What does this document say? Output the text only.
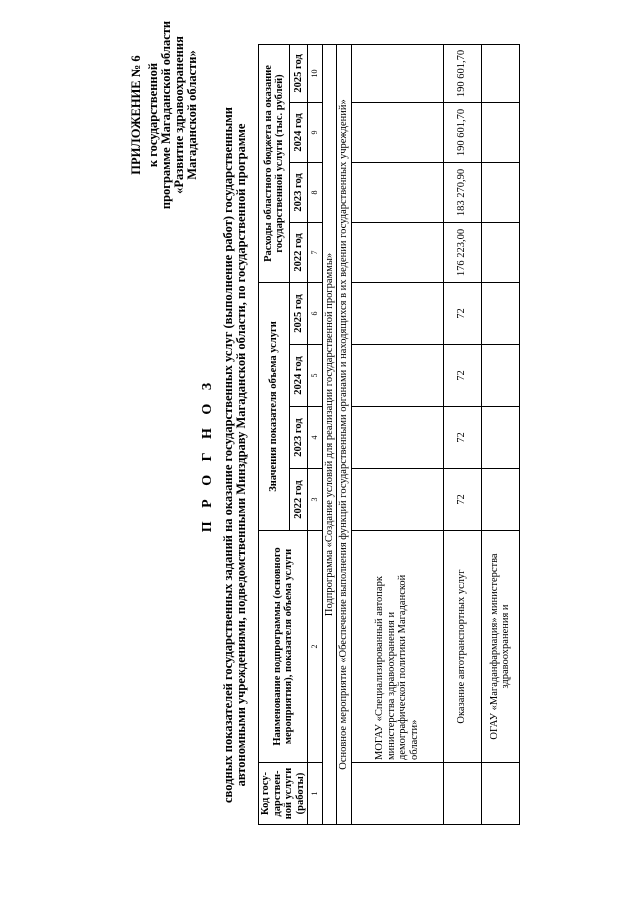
ПРИЛОЖЕНИЕ № 6 к государственной программе Магаданской области «Развитие здравоохранения Магаданской области»
П Р О Г Н О З сводных показателей государственных заданий на оказание государственных услуг (выполнение работ) государственными автономными учреждениями, подведомственными Минздраву Магаданской области, по государственной программе
Код госу- дарствен- ной услуги (работы)	Наименование подпрограммы (основного мероприятия), показателя объема услуги	Значения показателя объема услуги				Расходы областного бюджета на оказание государственной услуги (тыс. рублей)			
		2022 год	2023 год	2024 год	2025 год	2022 год	2023 год	2024 год	2025 год
1	2	3	4	5	6	7	8	9	10
Подпрограмма «Создание условий для реализации государственной программы»									
Основное мероприятие «Обеспечение выполнения функций государственными органами и находящихся в их ведении государственных учреждений»									
	МОГАУ «Специализированный автопарк министерства здравоохранения и демографической политики Магаданской области»								
	Оказание автотранспортных услуг	72	72	72	72	176 223,00	183 270,90	190 601,70	190 601,70
	ОГАУ «Магаданфармация» министерства здравоохранения и								
